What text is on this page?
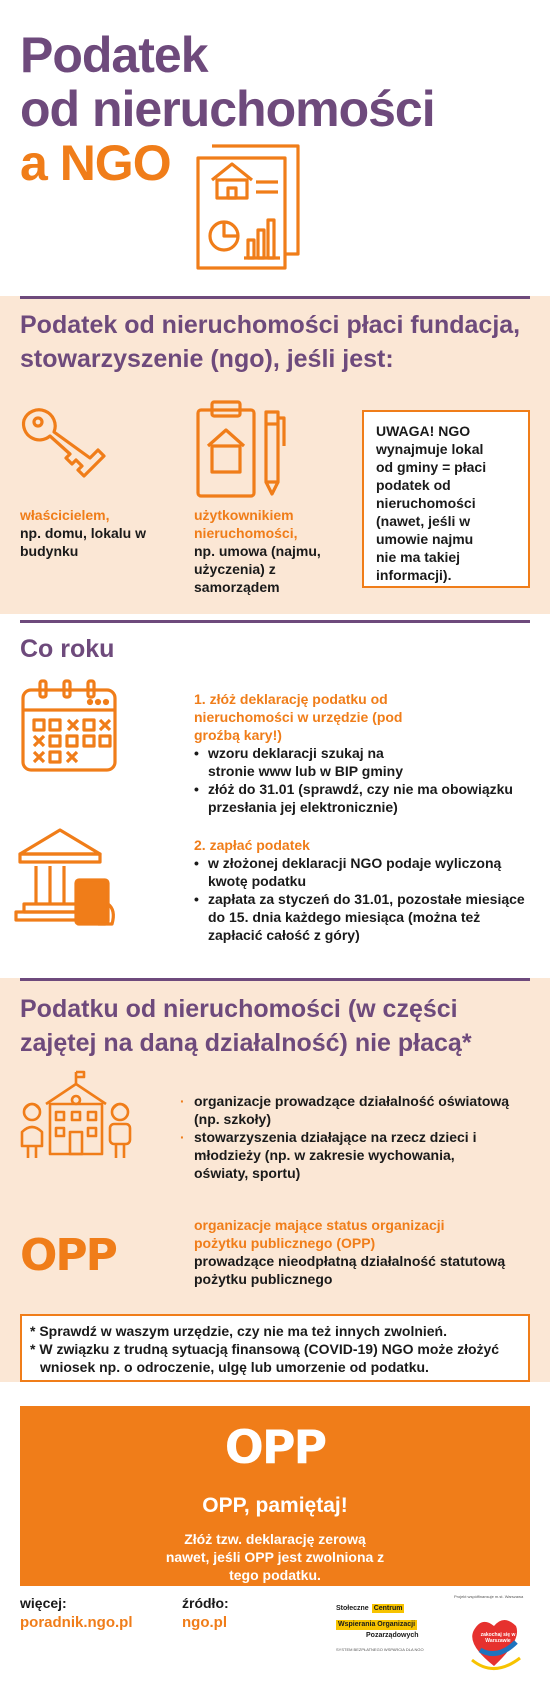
Podatek
od nieruchomości
a NGO
Podatek od nieruchomości płaci fundacja, stowarzyszenie (ngo), jeśli jest:
właścicielem,
np. domu, lokalu w budynku
użytkownikiem nieruchomości,
np. umowa (najmu, użyczenia) z samorządem
UWAGA! NGO wynajmuje lokal od gminy = płaci podatek od nieruchomości (nawet, jeśli w umowie najmu nie ma takiej informacji).
Co roku
1. złóż deklarację podatku od nieruchomości w urzędzie (pod groźbą kary!)
• wzoru deklaracji szukaj na stronie www lub w BIP gminy
• złóż do 31.01 (sprawdź, czy nie ma obowiązku przesłania jej elektronicznie)
2. zapłać podatek
• w złożonej deklaracji NGO podaje wyliczoną kwotę podatku
• zapłata za styczeń do 31.01, pozostałe miesiące do 15. dnia każdego miesiąca (można też zapłacić całość z góry)
Podatku od nieruchomości (w części zajętej na daną działalność) nie płacą*
· organizacje prowadzące działalność oświatową (np. szkoły)
· stowarzyszenia działające na rzecz dzieci i młodzieży (np. w zakresie wychowania, oświaty, sportu)
OPP
organizacje mające status organizacji pożytku publicznego (OPP)
prowadzące nieodpłatną działalność statutową pożytku publicznego
* Sprawdź w waszym urzędzie, czy nie ma też innych zwolnień.
* W związku z trudną sytuacją finansową (COVID-19) NGO może złożyć wniosek np. o odroczenie, ulgę lub umorzenie od podatku.
OPP
OPP, pamiętaj!
Złóż tzw. deklarację zerową nawet, jeśli OPP jest zwolniona z tego podatku.
więcej:
poradnik.ngo.pl
źródło:
ngo.pl
Stołeczne Centrum
Wspierania Organizacji
Pozarządowych
SYSTEM BEZPŁATNEGO WSPARCIA DLA NGO
Projekt współfinansuje m.st. Warszawa
zakochaj się w Warszawie
